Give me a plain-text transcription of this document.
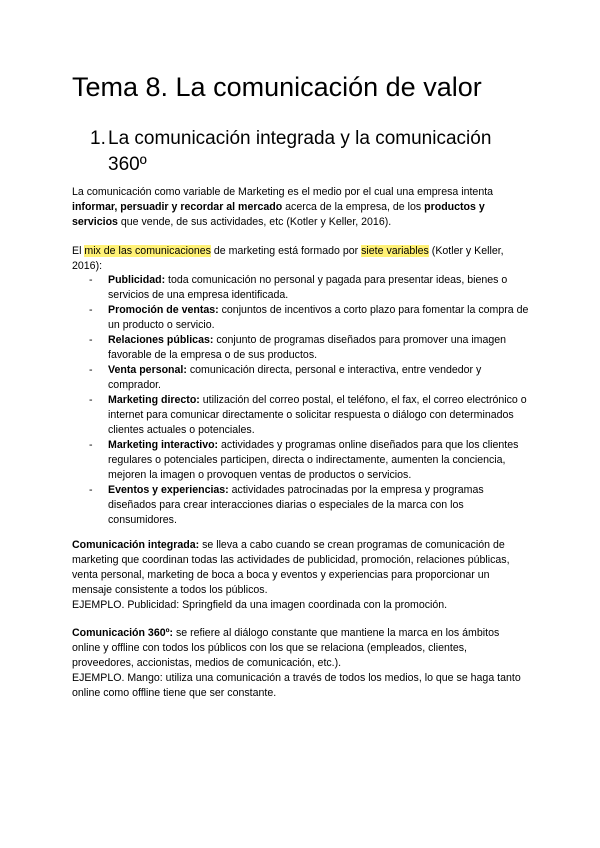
Tema 8. La comunicación de valor
1. La comunicación integrada y la comunicación 360º

La comunicación como variable de Marketing es el medio por el cual una empresa intenta informar, persuadir y recordar al mercado acerca de la empresa, de los productos y servicios que vende, de sus actividades, etc (Kotler y Keller, 2016).

El mix de las comunicaciones de marketing está formado por siete variables (Kotler y Keller, 2016):

- Publicidad: toda comunicación no personal y pagada para presentar ideas, bienes o servicios de una empresa identificada.
- Promoción de ventas: conjuntos de incentivos a corto plazo para fomentar la compra de un producto o servicio.
- Relaciones públicas: conjunto de programas diseñados para promover una imagen favorable de la empresa o de sus productos.
- Venta personal: comunicación directa, personal e interactiva, entre vendedor y comprador.
- Marketing directo: utilización del correo postal, el teléfono, el fax, el correo electrónico o internet para comunicar directamente o solicitar respuesta o diálogo con determinados clientes actuales o potenciales.
- Marketing interactivo: actividades y programas online diseñados para que los clientes regulares o potenciales participen, directa o indirectamente, aumenten la conciencia, mejoren la imagen o provoquen ventas de productos o servicios.
- Eventos y experiencias: actividades patrocinadas por la empresa y programas diseñados para crear interacciones diarias o especiales de la marca con los consumidores.

Comunicación integrada: se lleva a cabo cuando se crean programas de comunicación de marketing que coordinan todas las actividades de publicidad, promoción, relaciones públicas, venta personal, marketing de boca a boca y eventos y experiencias para proporcionar un mensaje consistente a todos los públicos.
EJEMPLO. Publicidad: Springfield da una imagen coordinada con la promoción.

Comunicación 360º: se refiere al diálogo constante que mantiene la marca en los ámbitos online y offline con todos los públicos con los que se relaciona (empleados, clientes, proveedores, accionistas, medios de comunicación, etc.).
EJEMPLO. Mango: utiliza una comunicación a través de todos los medios, lo que se haga tanto online como offline tiene que ser constante.
